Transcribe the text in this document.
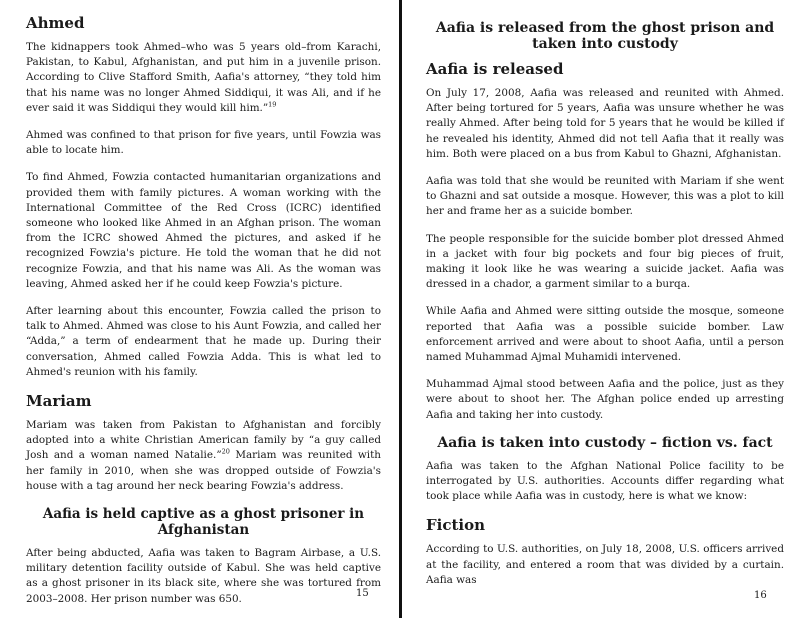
Ahmed

The kidnappers took Ahmed–who was 5 years old–from Karachi, Pakistan, to Kabul, Afghanistan, and put him in a juvenile prison. According to Clive Stafford Smith, Aafia's attorney, “they told him that his name was no longer Ahmed Siddiqui, it was Ali, and if he ever said it was Siddiqui they would kill him.”$^{19}$

Ahmed was confined to that prison for five years, until Fowzia was able to locate him.

To find Ahmed, Fowzia contacted humanitarian organizations and provided them with family pictures. A woman working with the International Committee of the Red Cross (ICRC) identified someone who looked like Ahmed in an Afghan prison. The woman from the ICRC showed Ahmed the pictures, and asked if he recognized Fowzia's picture. He told the woman that he did not recognize Fowzia, and that his name was Ali. As the woman was leaving, Ahmed asked her if he could keep Fowzia's picture.

After learning about this encounter, Fowzia called the prison to talk to Ahmed. Ahmed was close to his Aunt Fowzia, and called her “Adda,” a term of endearment that he made up. During their conversation, Ahmed called Fowzia Adda. This is what led to Ahmed's reunion with his family.

Mariam

Mariam was taken from Pakistan to Afghanistan and forcibly adopted into a white Christian American family by “a guy called Josh and a woman named Natalie.”$^{20}$ Mariam was reunited with her family in 2010, when she was dropped outside of Fowzia's house with a tag around her neck bearing Fowzia's address.

Aafia is held captive as a ghost prisoner in Afghanistan

After being abducted, Aafia was taken to Bagram Airbase, a U.S. military detention facility outside of Kabul. She was held captive as a ghost prisoner in its black site, where she was tortured from 2003–2008. Her prison number was 650.	15
Aafia is released from the ghost prison and taken into custody
Aafia is released

On July 17, 2008, Aafia was released and reunited with Ahmed. After being tortured for 5 years, Aafia was unsure whether he was really Ahmed. After being told for 5 years that he would be killed if he revealed his identity, Ahmed did not tell Aafia that it really was him. Both were placed on a bus from Kabul to Ghazni, Afghanistan.

Aafia was told that she would be reunited with Mariam if she went to Ghazni and sat outside a mosque. However, this was a plot to kill her and frame her as a suicide bomber.

The people responsible for the suicide bomber plot dressed Ahmed in a jacket with four big pockets and four big pieces of fruit, making it look like he was wearing a suicide jacket. Aafia was dressed in a chador, a garment similar to a burqa.

While Aafia and Ahmed were sitting outside the mosque, someone reported that Aafia was a possible suicide bomber. Law enforcement arrived and were about to shoot Aafia, until a person named Muhammad Ajmal Muhamidi intervened.

Muhammad Ajmal stood between Aafia and the police, just as they were about to shoot her. The Afghan police ended up arresting Aafia and taking her into custody.

Aafia is taken into custody – fiction vs. fact

Aafia was taken to the Afghan National Police facility to be interrogated by U.S. authorities. Accounts differ regarding what took place while Aafia was in custody, here is what we know:

Fiction

According to U.S. authorities, on July 18, 2008, U.S. officers arrived at the facility, and entered a room that was divided by a curtain. Aafia was

16
